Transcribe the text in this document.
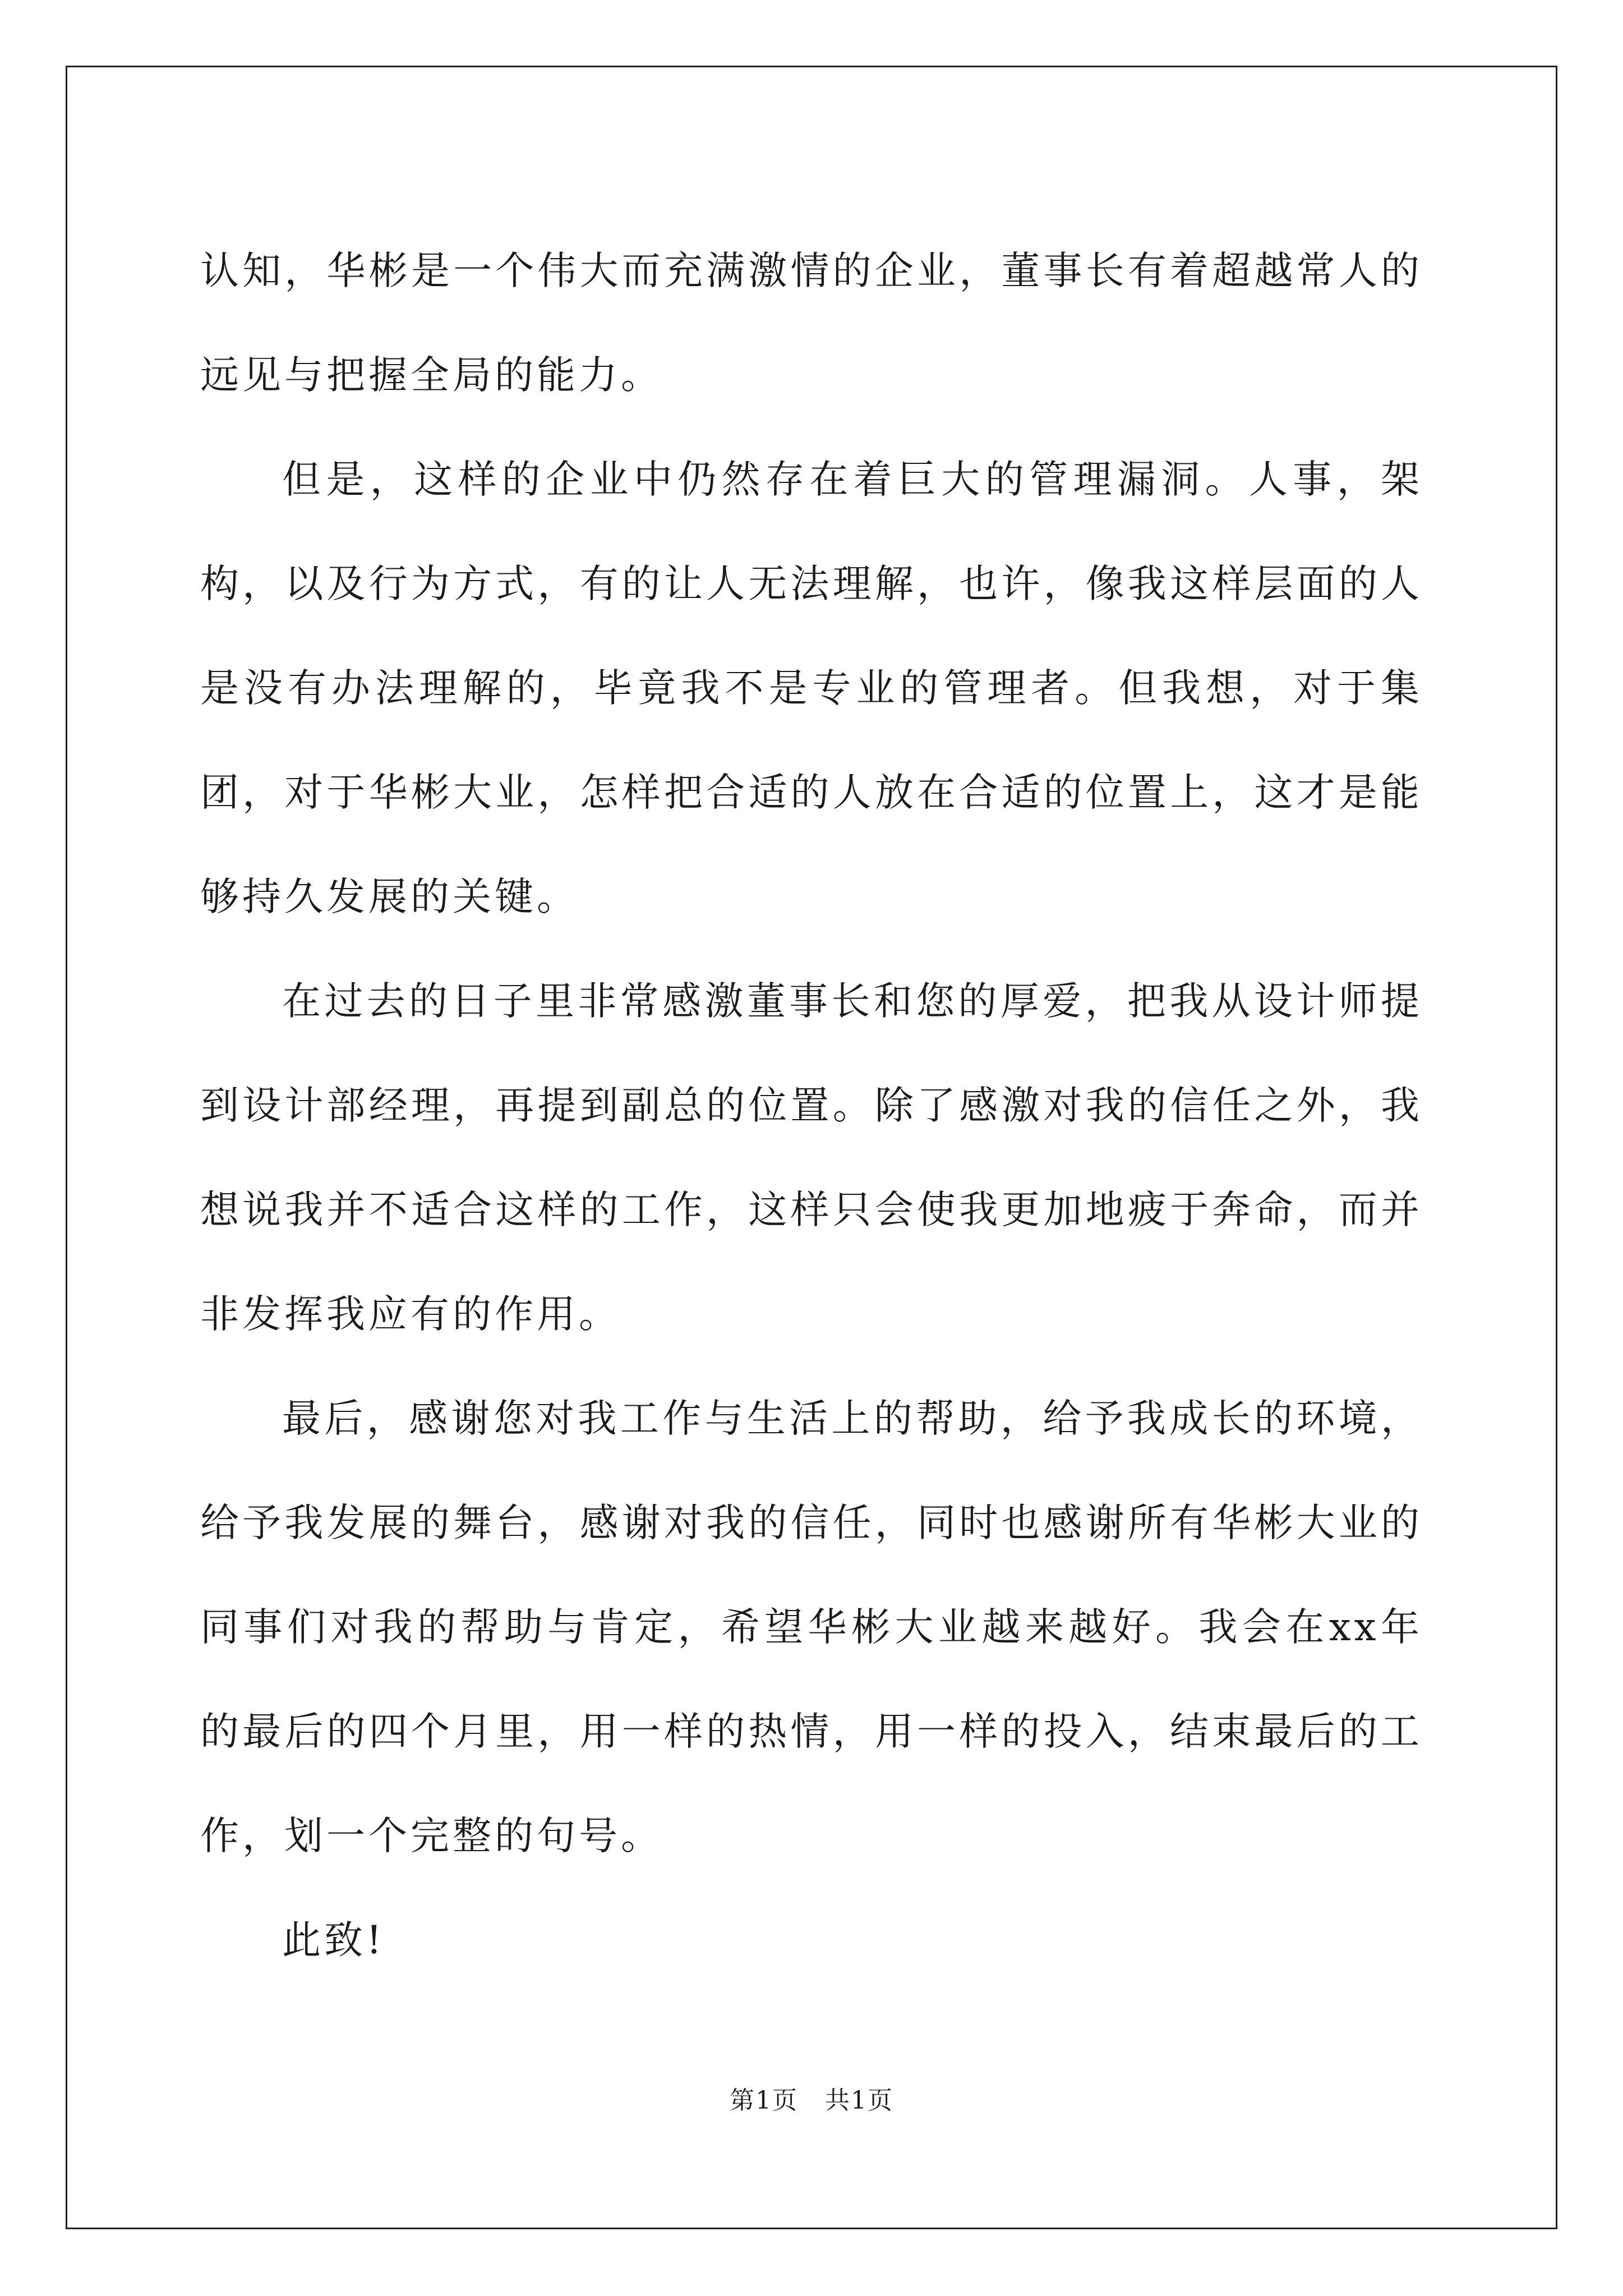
认知，华彬是一个伟大而充满激情的企业，董事长有着超越常人的远见与把握全局的能力。

但是，这样的企业中仍然存在着巨大的管理漏洞。人事，架构，以及行为方式，有的让人无法理解，也许，像我这样层面的人是没有办法理解的，毕竟我不是专业的管理者。但我想，对于集团，对于华彬大业，怎样把合适的人放在合适的位置上，这才是能够持久发展的关键。

在过去的日子里非常感激董事长和您的厚爱，把我从设计师提到设计部经理，再提到副总的位置。除了感激对我的信任之外，我想说我并不适合这样的工作，这样只会使我更加地疲于奔命，而并非发挥我应有的作用。

最后，感谢您对我工作与生活上的帮助，给予我成长的环境，给予我发展的舞台，感谢对我的信任，同时也感谢所有华彬大业的同事们对我的帮助与肯定，希望华彬大业越来越好。我会在xx年的最后的四个月里，用一样的热情，用一样的投入，结束最后的工作，划一个完整的句号。

此致!

第1页   共1页
